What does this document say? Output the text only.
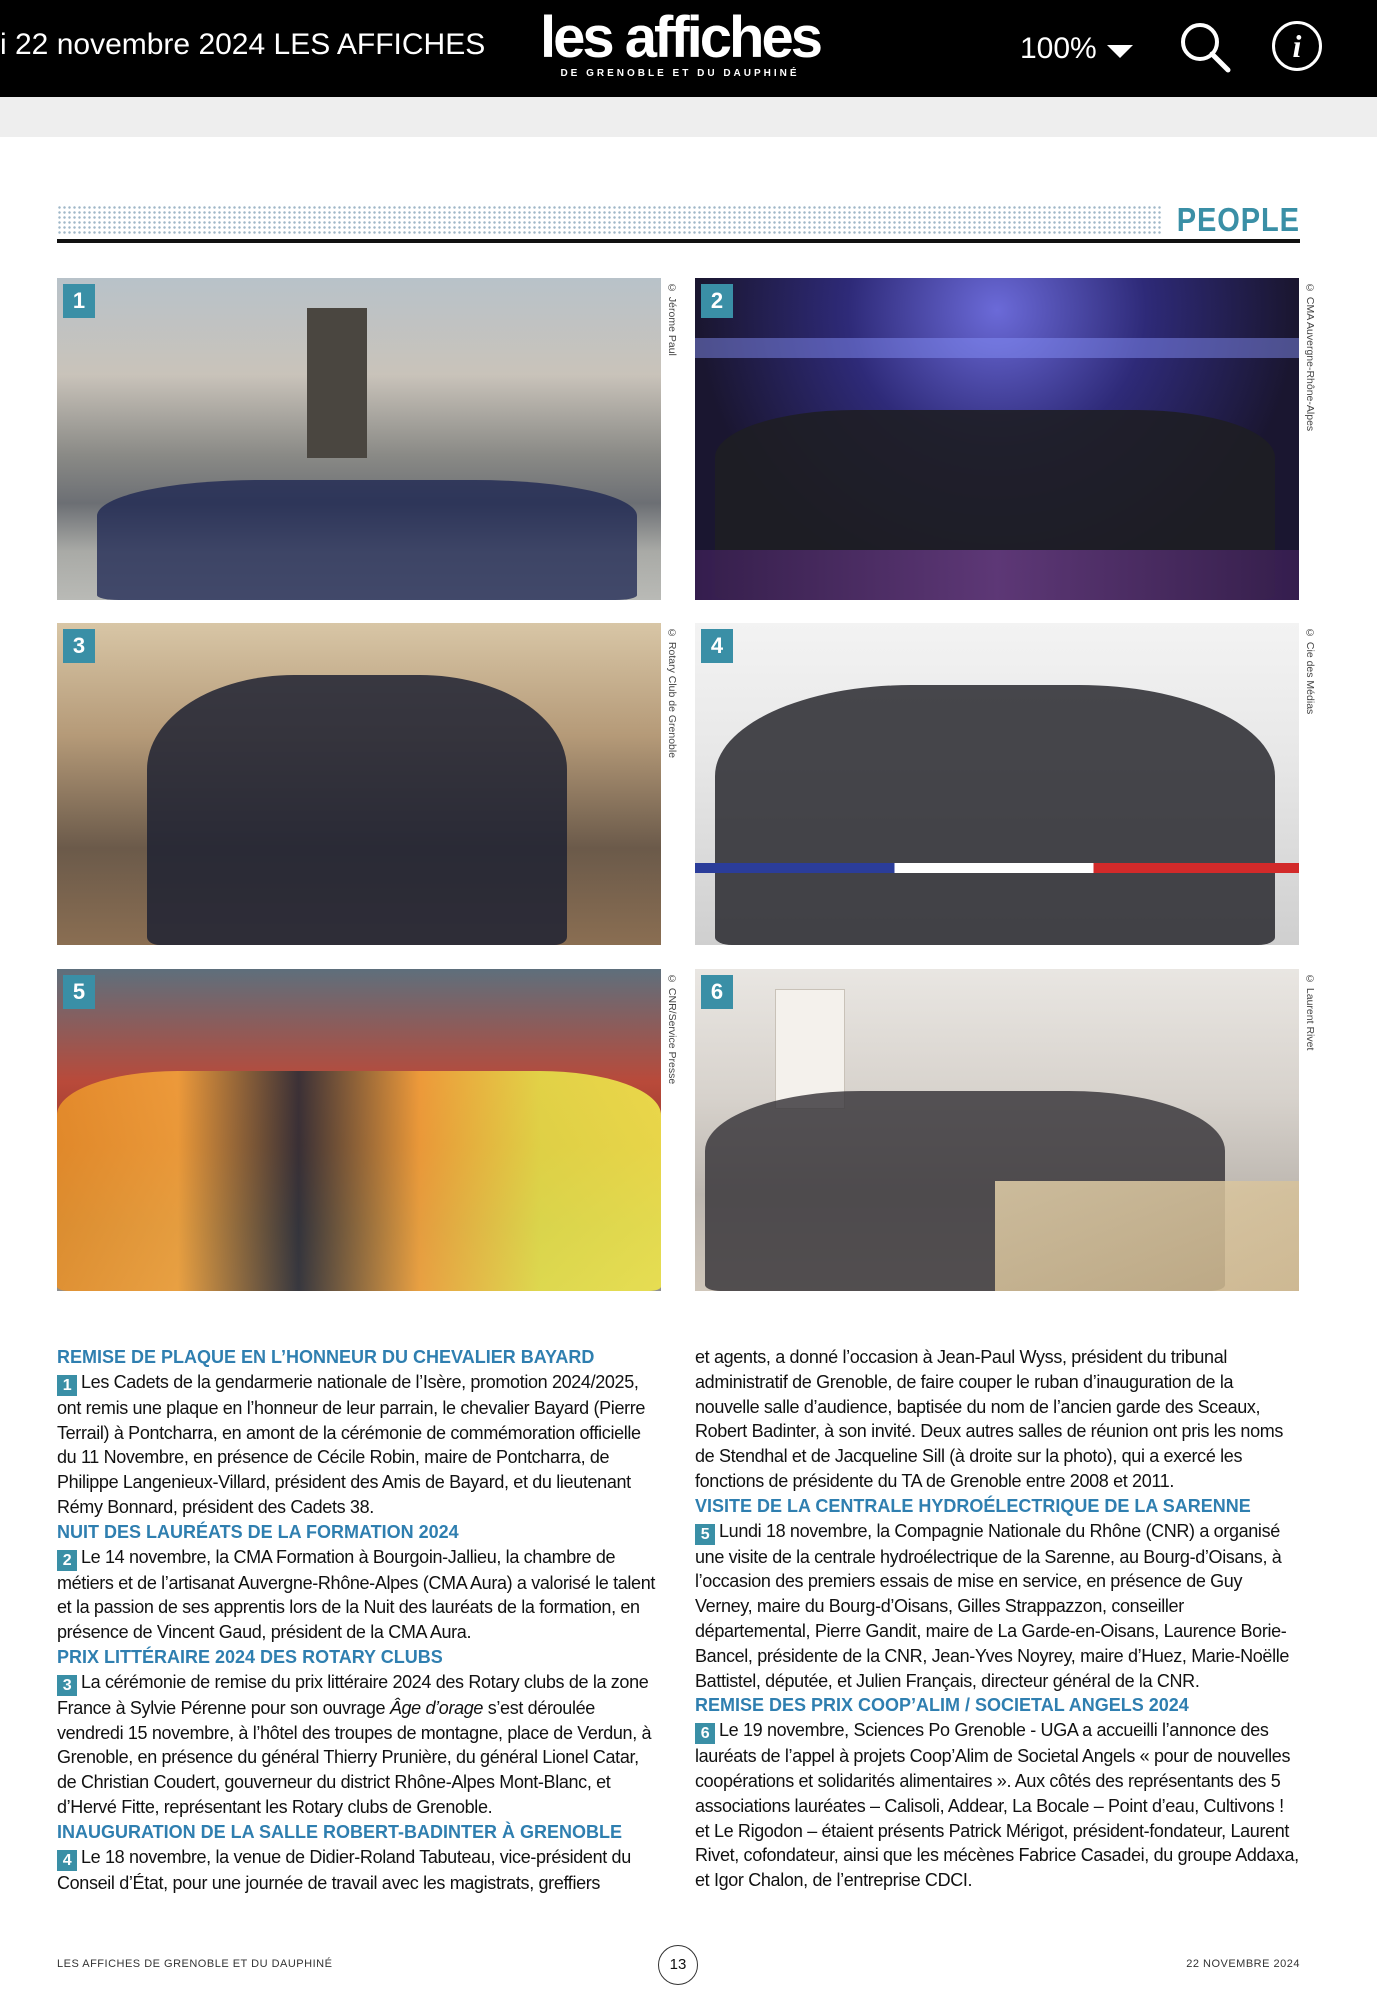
i 22 novembre 2024 LES AFFICHES les affiches
DE GRENOBLE ET DU DAUPHINÉ
100%	i
PEOPLE
1	© Jérome Paul	2	© CMA Auvergne-Rhône-Alpes
3	© Rotary Club de Grenoble	4	© Cie des Médias
5	© CNR/Service Presse	6	© Laurent Rivet
REMISE DE PLAQUE EN L’HONNEUR DU CHEVALIER BAYARD

1 Les Cadets de la gendarmerie nationale de l’Isère, promotion 2024/2025, ont remis une plaque en l’honneur de leur parrain, le chevalier Bayard (Pierre Terrail) à Pontcharra, en amont de la cérémonie de commémoration officielle du 11 Novembre, en présence de Cécile Robin, maire de Pontcharra, de Philippe Langenieux-Villard, président des Amis de Bayard, et du lieutenant Rémy Bonnard, président des Cadets 38.

NUIT DES LAURÉATS DE LA FORMATION 2024

2 Le 14 novembre, la CMA Formation à Bourgoin-Jallieu, la chambre de métiers et de l’artisanat Auvergne-Rhône-Alpes (CMA Aura) a valorisé le talent et la passion de ses apprentis lors de la Nuit des lauréats de la formation, en présence de Vincent Gaud, président de la CMA Aura.

PRIX LITTÉRAIRE 2024 DES ROTARY CLUBS

3 La cérémonie de remise du prix littéraire 2024 des Rotary clubs de la zone France à Sylvie Pérenne pour son ouvrage Âge d’orage s’est déroulée vendredi 15 novembre, à l’hôtel des troupes de montagne, place de Verdun, à Grenoble, en présence du général Thierry Prunière, du général Lionel Catar, de Christian Coudert, gouverneur du district Rhône-Alpes Mont-Blanc, et d’Hervé Fitte, représentant les Rotary clubs de Grenoble.

INAUGURATION DE LA SALLE ROBERT-BADINTER À GRENOBLE

4 Le 18 novembre, la venue de Didier-Roland Tabuteau, vice-président du Conseil d’État, pour une journée de travail avec les magistrats, greffiers

et agents, a donné l’occasion à Jean-Paul Wyss, président du tribunal administratif de Grenoble, de faire couper le ruban d’inauguration de la nouvelle salle d’audience, baptisée du nom de l’ancien garde des Sceaux, Robert Badinter, à son invité. Deux autres salles de réunion ont pris les noms de Stendhal et de Jacqueline Sill (à droite sur la photo), qui a exercé les fonctions de présidente du TA de Grenoble entre 2008 et 2011.

VISITE DE LA CENTRALE HYDROÉLECTRIQUE DE LA SARENNE

5 Lundi 18 novembre, la Compagnie Nationale du Rhône (CNR) a organisé une visite de la centrale hydroélectrique de la Sarenne, au Bourg-d’Oisans, à l’occasion des premiers essais de mise en service, en présence de Guy Verney, maire du Bourg-d’Oisans, Gilles Strappazzon, conseiller départemental, Pierre Gandit, maire de La Garde-en-Oisans, Laurence Borie-Bancel, présidente de la CNR, Jean-Yves Noyrey, maire d’Huez, Marie-Noëlle Battistel, députée, et Julien Français, directeur général de la CNR.

REMISE DES PRIX COOP’ALIM / SOCIETAL ANGELS 2024

6 Le 19 novembre, Sciences Po Grenoble - UGA a accueilli l’annonce des lauréats de l’appel à projets Coop’Alim de Societal Angels « pour de nouvelles coopérations et solidarités alimentaires ». Aux côtés des représentants des 5 associations lauréates – Calisoli, Addear, La Bocale – Point d’eau, Cultivons ! et Le Rigodon – étaient présents Patrick Mérigot, président-fondateur, Laurent Rivet, cofondateur, ainsi que les mécènes Fabrice Casadei, du groupe Addaxa, et Igor Chalon, de l’entreprise CDCI.

LES AFFICHES DE GRENOBLE ET DU DAUPHINÉ	13	22 NOVEMBRE 2024
